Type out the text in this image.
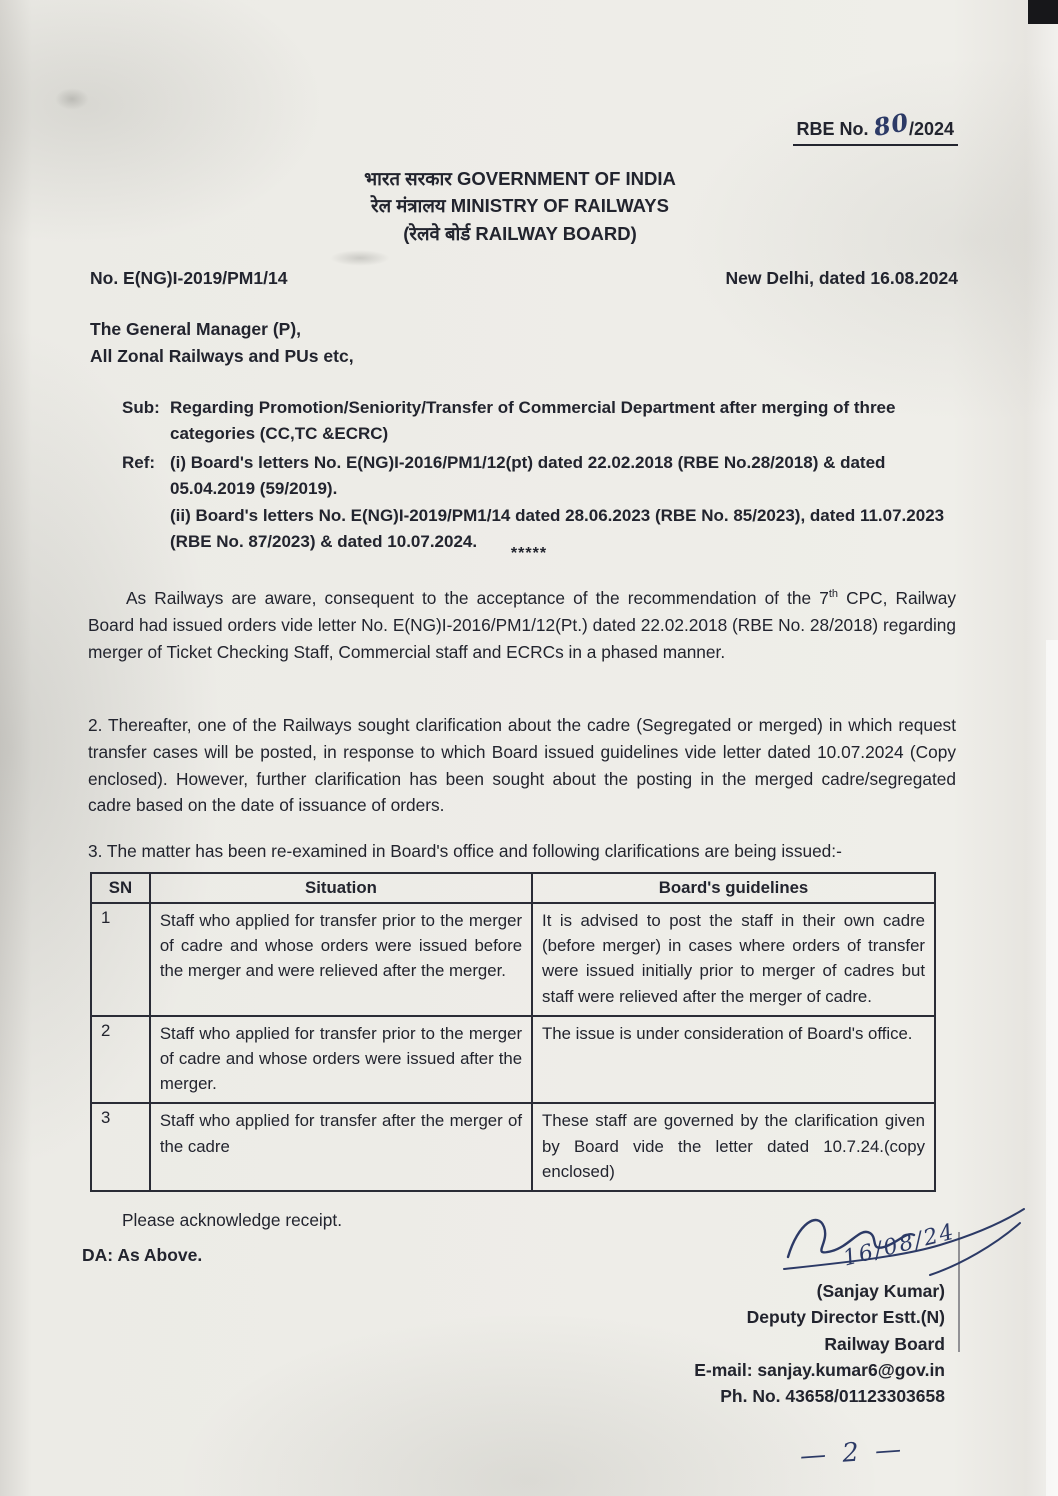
RBE No. 80/2024
भारत सरकार GOVERNMENT OF INDIA
रेल मंत्रालय MINISTRY OF RAILWAYS
(रेलवे बोर्ड RAILWAY BOARD)
No. E(NG)I-2019/PM1/14	New Delhi, dated 16.08.2024
The General Manager (P),
All Zonal Railways and PUs etc,
Sub: Regarding Promotion/Seniority/Transfer of Commercial Department after merging of three categories (CC,TC &ECRC)
Ref: (i) Board's letters No. E(NG)I-2016/PM1/12(pt) dated 22.02.2018 (RBE No.28/2018) & dated 05.04.2019 (59/2019).
(ii) Board's letters No. E(NG)I-2019/PM1/14 dated 28.06.2023 (RBE No. 85/2023), dated 11.07.2023 (RBE No. 87/2023) & dated 10.07.2024.
*****
As Railways are aware, consequent to the acceptance of the recommendation of the 7th CPC, Railway Board had issued orders vide letter No. E(NG)I-2016/PM1/12(Pt.) dated 22.02.2018 (RBE No. 28/2018) regarding merger of Ticket Checking Staff, Commercial staff and ECRCs in a phased manner.
2. Thereafter, one of the Railways sought clarification about the cadre (Segregated or merged) in which request transfer cases will be posted, in response to which Board issued guidelines vide letter dated 10.07.2024 (Copy enclosed). However, further clarification has been sought about the posting in the merged cadre/segregated cadre based on the date of issuance of orders.
3. The matter has been re-examined in Board's office and following clarifications are being issued:-
SN	Situation	Board's guidelines
1	Staff who applied for transfer prior to the merger of cadre and whose orders were issued before the merger and were relieved after the merger.	It is advised to post the staff in their own cadre (before merger) in cases where orders of transfer were issued initially prior to merger of cadres but staff were relieved after the merger of cadre.
2	Staff who applied for transfer prior to the merger of cadre and whose orders were issued after the merger.	The issue is under consideration of Board's office.
3	Staff who applied for transfer after the merger of the cadre	These staff are governed by the clarification given by Board vide the letter dated 10.7.24.(copy enclosed)
Please acknowledge receipt.
DA: As Above.	16/08/24
(Sanjay Kumar)
Deputy Director Estt.(N)
Railway Board
E-mail: sanjay.kumar6@gov.in
Ph. No. 43658/01123303658
— 2 —
